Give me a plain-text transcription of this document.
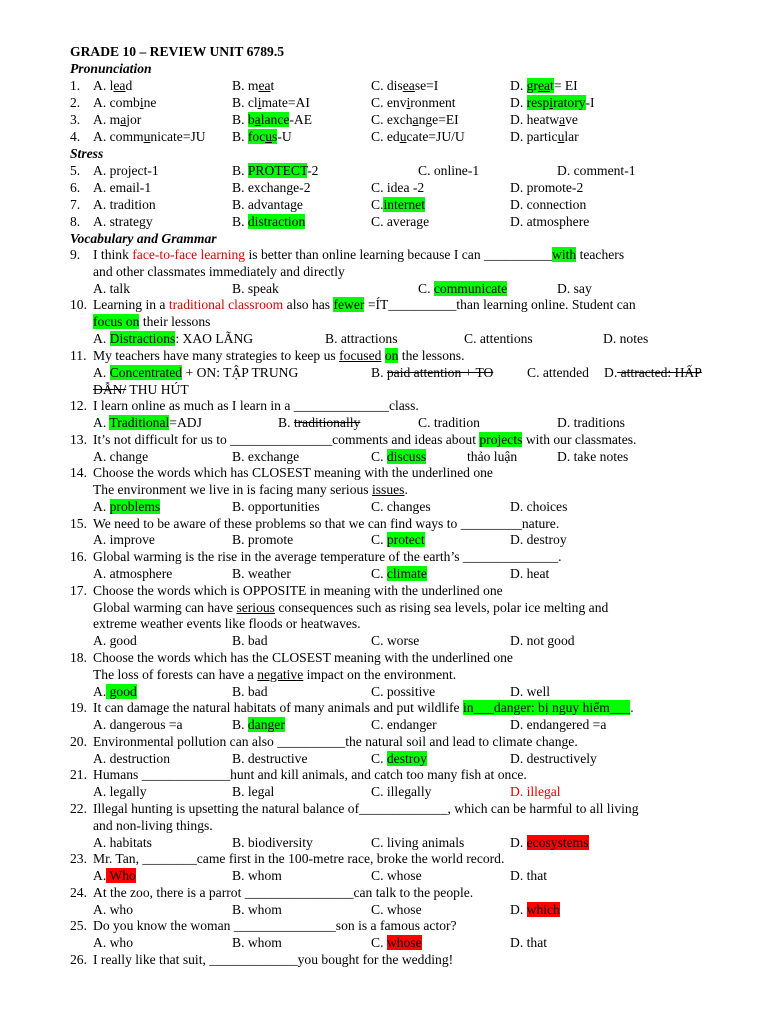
GRADE 10 – REVIEW UNIT 6789.5
Pronunciation
1. A. lead	B. meat	C. disease=I	D. great= EI
2. A. combine	B. climate=AI	C. environment	D. respiratory-I
3. A. major	B. balance-AE	C. exchange=EI	D. heatwave
4. A. communicate=JU B. focus-U	C. educate=JU/U	D. particular
Stress
5. A. project-1	B. PROTECT-2	C. online-1	D. comment-1
6. A. email-1	B. exchange-2	C. idea -2	D. promote-2
7. A. tradition	B. advantage	C.internet	D. connection
8. A. strategy	B. distraction	C. average	D. atmosphere
Vocabulary and Grammar
9. I think face-to-face learning is better than online learning because I can __________with teachers
and other classmates immediately and directly
A. talk	B. speak	C. communicate	D. say
10. Learning in a traditional classroom also has fewer =ÍT__________than learning online. Student can
focus on their lessons
A. Distractions: XAO LÃNG	B. attractions	C. attentions	D. notes
11. My teachers have many strategies to keep us focused on the lessons.
A. Concentrated + ON: TẬP TRUNG	B. paid attention + TO C. attended D. attracted: HẤP
DẪN/ THU HÚT
12. I learn online as much as I learn in a ______________class.
A. Traditional=ADJ	B. traditionally	C. tradition	D. traditions
13. It’s not difficult for us to _______________comments and ideas about projects with our classmates.
A. change	B. exchange	C. discuss	thảo luận	D. take notes
14. Choose the words which has CLOSEST meaning with the underlined one
The environment we live in is facing many serious issues.
A. problems	B. opportunities	C. changes	D. choices
15. We need to be aware of these problems so that we can find ways to _________nature.
A. improve	B. promote	C. protect	D. destroy
16. Global warming is the rise in the average temperature of the earth’s ______________.
A. atmosphere	B. weather	C. climate	D. heat
17. Choose the words which is OPPOSITE in meaning with the underlined one
Global warming can have serious consequences such as rising sea levels, polar ice melting and
extreme weather events like floods or heatwaves.
A. good	B. bad	C. worse	D. not good
18. Choose the words which has the CLOSEST meaning with the underlined one
The loss of forests can have a negative impact on the environment.
A. good	B. bad	C. possitive	D. well
19. It can damage the natural habitats of many animals and put wildlife in___danger: bị nguy hiểm___.
A. dangerous =a	B. danger	C. endanger	D. endangered =a
20. Environmental pollution can also __________the natural soil and lead to climate change.
A. destruction	B. destructive	C. destroy	D. destructively
21. Humans _____________hunt and kill animals, and catch too many fish at once.
A. legally	B. legal	C. illegally	D. illegal
22. Illegal hunting is upsetting the natural balance of_____________, which can be harmful to all living
and non-living things.
A. habitats	B. biodiversity	C. living animals	D. ecosystems
23. Mr. Tan, ________came first in the 100-metre race, broke the world record.
A. Who	B. whom	C. whose	D. that
24. At the zoo, there is a parrot ________________can talk to the people.
A. who	B. whom	C. whose	D. which
25. Do you know the woman _______________son is a famous actor?
A. who	B. whom	C. whose	D. that
26. I really like that suit, _____________you bought for the wedding!
